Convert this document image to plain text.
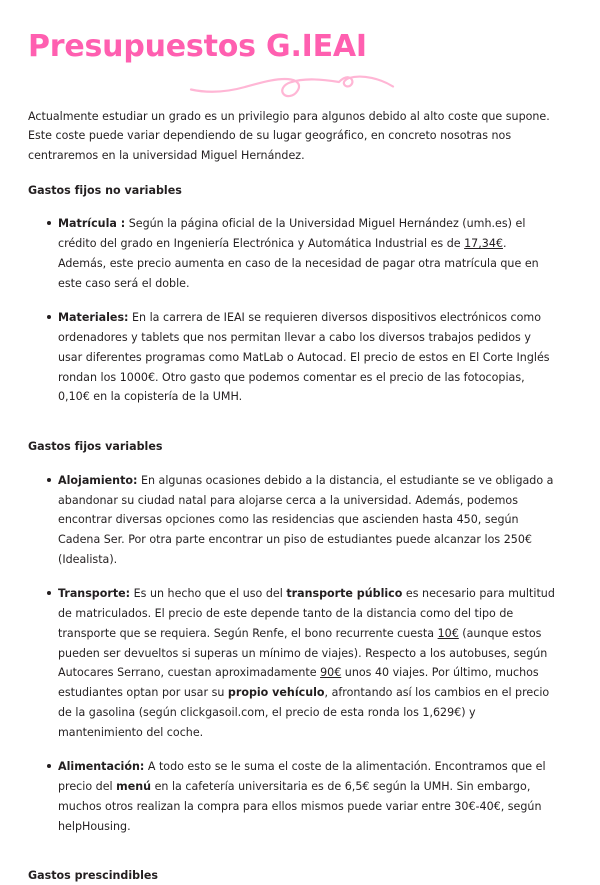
Presupuestos G.IEAI

Actualmente estudiar un grado es un privilegio para algunos debido al alto coste que supone. Este coste puede variar dependiendo de su lugar geográfico, en concreto nosotras nos centraremos en la universidad Miguel Hernández.

Gastos fijos no variables
Matrícula : Según la página oficial de la Universidad Miguel Hernández (umh.es) el crédito del grado en Ingeniería Electrónica y Automática Industrial es de 17,34€. Además, este precio aumenta en caso de la necesidad de pagar otra matrícula que en este caso será el doble.
Materiales: En la carrera de IEAI se requieren diversos dispositivos electrónicos como ordenadores y tablets que nos permitan llevar a cabo los diversos trabajos pedidos y usar diferentes programas como MatLab o Autocad. El precio de estos en El Corte Inglés rondan los 1000€. Otro gasto que podemos comentar es el precio de las fotocopias, 0,10€ en la copistería de la UMH.
Gastos fijos variables
Alojamiento: En algunas ocasiones debido a la distancia, el estudiante se ve obligado a abandonar su ciudad natal para alojarse cerca a la universidad. Además, podemos encontrar diversas opciones como las residencias que ascienden hasta 450, según Cadena Ser. Por otra parte encontrar un piso de estudiantes puede alcanzar los 250€ (Idealista).
Transporte: Es un hecho que el uso del transporte público es necesario para multitud de matriculados. El precio de este depende tanto de la distancia como del tipo de transporte que se requiera. Según Renfe, el bono recurrente cuesta 10€ (aunque estos pueden ser devueltos si superas un mínimo de viajes). Respecto a los autobuses, según Autocares Serrano, cuestan aproximadamente 90€ unos 40 viajes. Por último, muchos estudiantes optan por usar su propio vehículo, afrontando así los cambios en el precio de la gasolina (según clickgasoil.com, el precio de esta ronda los 1,629€) y mantenimiento del coche.
Alimentación: A todo esto se le suma el coste de la alimentación. Encontramos que el precio del menú en la cafetería universitaria es de 6,5€ según la UMH. Sin embargo, muchos otros realizan la compra para ellos mismos puede variar entre 30€-40€, según helpHousing.
Gastos prescindibles
